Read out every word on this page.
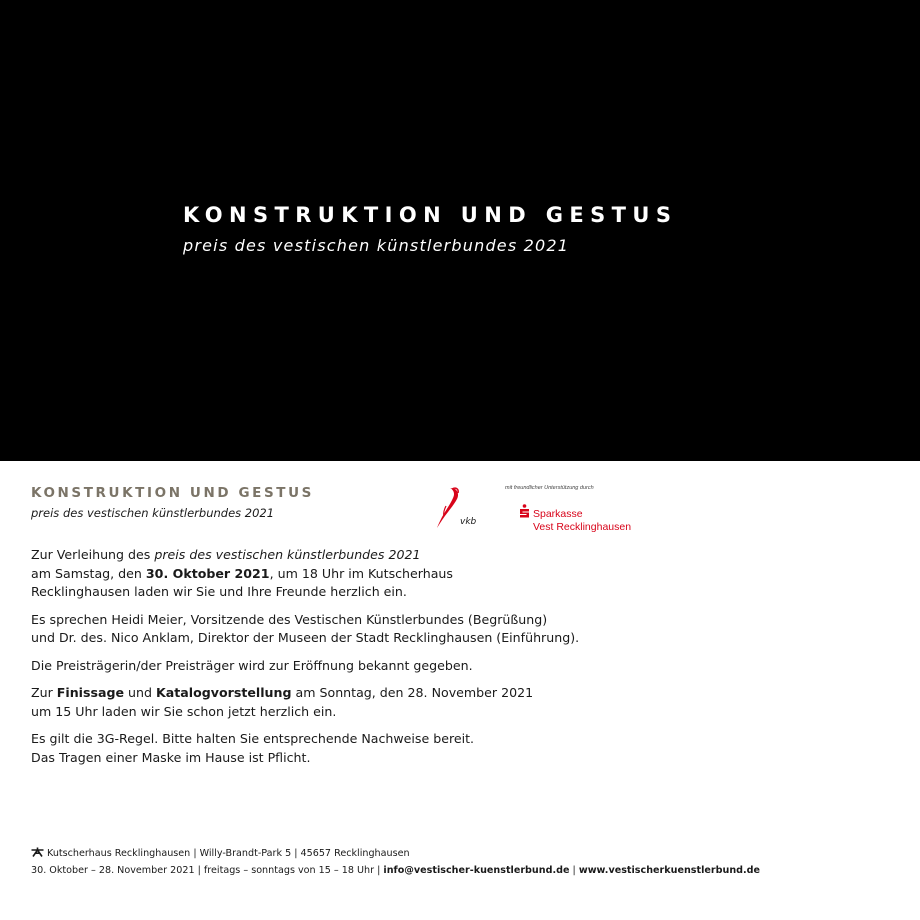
KONSTRUKTION UND GESTUS
preis des vestischen künstlerbundes 2021
KONSTRUKTION UND GESTUS
preis des vestischen künstlerbundes 2021
vkb
mit freundlicher Unterstützung durch
Sparkasse
Vest Recklinghausen

Zur Verleihung des preis des vestischen künstlerbundes 2021
am Samstag, den 30. Oktober 2021, um 18 Uhr im Kutscherhaus
Recklinghausen laden wir Sie und Ihre Freunde herzlich ein.

Es sprechen Heidi Meier, Vorsitzende des Vestischen Künstlerbundes (Begrüßung)
und Dr. des. Nico Anklam, Direktor der Museen der Stadt Recklinghausen (Einführung).

Die Preisträgerin/der Preisträger wird zur Eröffnung bekannt gegeben.

Zur Finissage und Katalogvorstellung am Sonntag, den 28. November 2021
um 15 Uhr laden wir Sie schon jetzt herzlich ein.

Es gilt die 3G-Regel. Bitte halten Sie entsprechende Nachweise bereit.
Das Tragen einer Maske im Hause ist Pflicht.

Kutscherhaus Recklinghausen | Willy-Brandt-Park 5 | 45657 Recklinghausen
30. Oktober – 28. November 2021 | freitags – sonntags von 15 – 18 Uhr | info@vestischer-kuenstlerbund.de | www.vestischerkuenstlerbund.de
